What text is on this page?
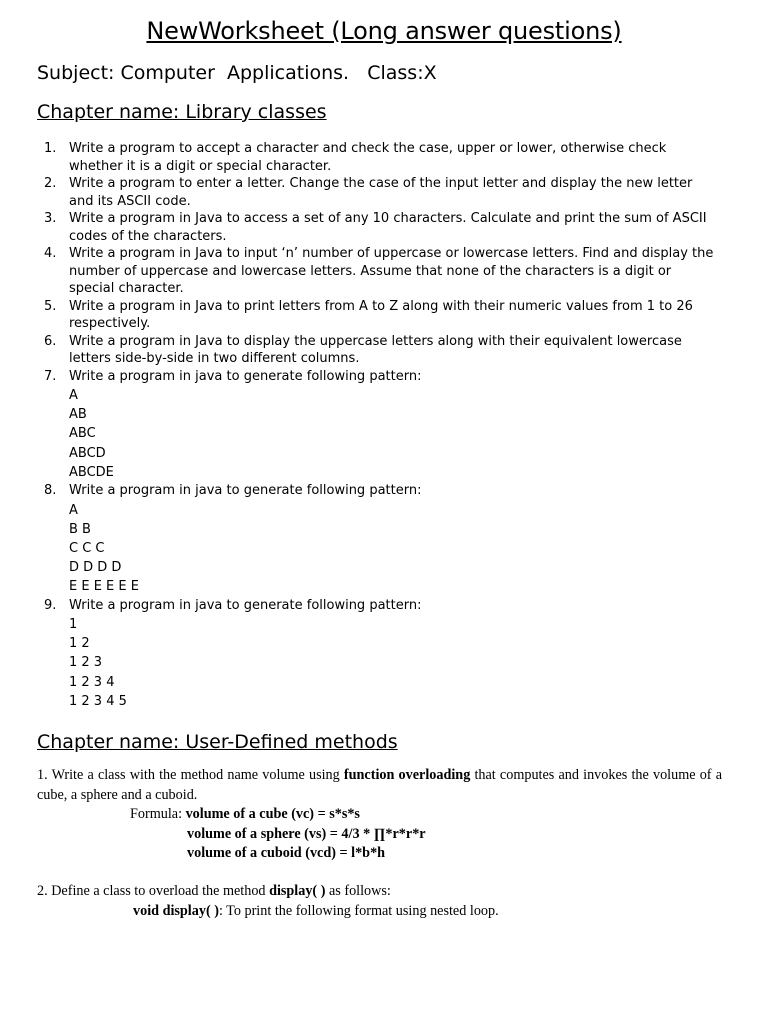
NewWorksheet (Long answer questions)
Subject: Computer  Applications.   Class:X
Chapter name: Library classes
1. Write a program to accept a character and check the case, upper or lower, otherwise check whether it is a digit or special character.
2. Write a program to enter a letter. Change the case of the input letter and display the new letter and its ASCII code.
3. Write a program in Java to access a set of any 10 characters. Calculate and print the sum of ASCII codes of the characters.
4. Write a program in Java to input ‘n’ number of uppercase or lowercase letters. Find and display the number of uppercase and lowercase letters. Assume that none of the characters is a digit or special character.
5. Write a program in Java to print letters from A to Z along with their numeric values from 1 to 26 respectively.
6. Write a program in Java to display the uppercase letters along with their equivalent lowercase letters side-by-side in two different columns.
7. Write a program in java to generate following pattern:
A
AB
ABC
ABCD
ABCDE
8. Write a program in java to generate following pattern:
A
B B
C C C
D D D D
E E E E E E
9. Write a program in java to generate following pattern:
1
1 2
1 2 3
1 2 3 4
1 2 3 4 5
Chapter name: User-Defined methods
1. Write a class with the method name volume using function overloading that computes and invokes the volume of a cube, a sphere and a cuboid.
Formula: volume of a cube (vc) = s*s*s
volume of a sphere (vs) = 4/3 * ∏*r*r*r
volume of a cuboid (vcd) = l*b*h
2. Define a class to overload the method display( ) as follows:
void display( ): To print the following format using nested loop.
